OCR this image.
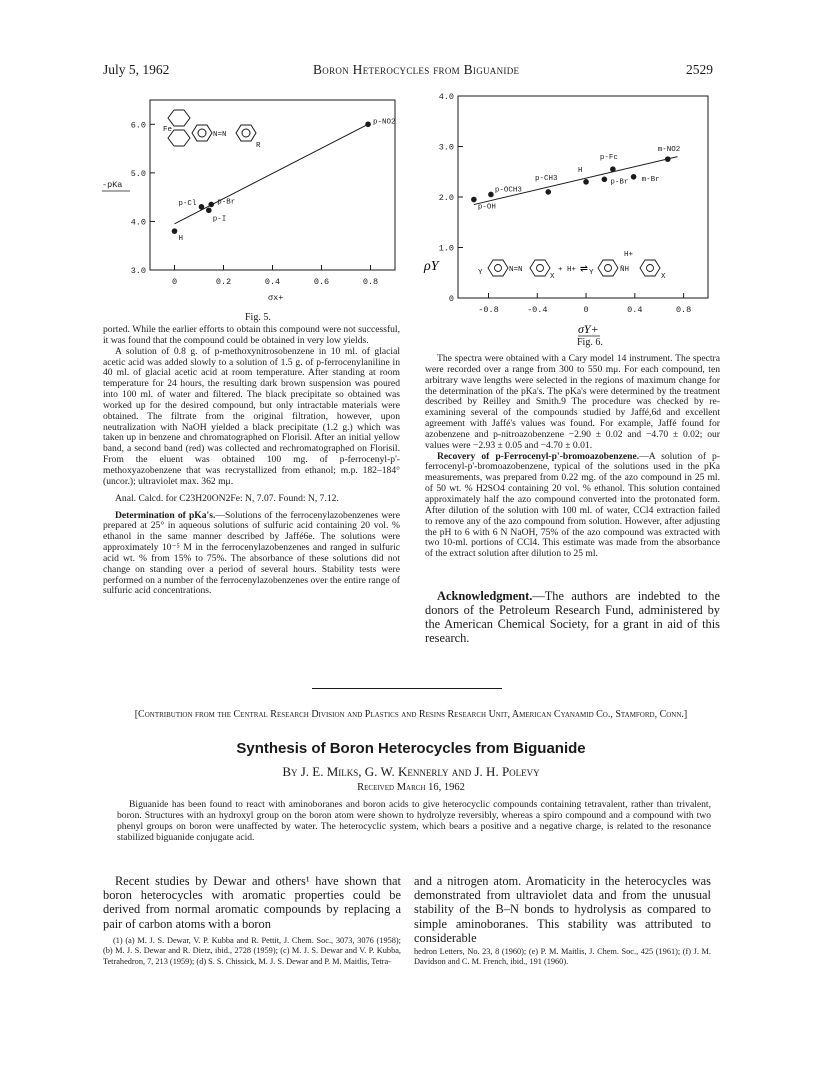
July 5, 1962	Boron Heterocycles from Biguanide	2529
0	0.2	0.4	0.6	0.8
3.0
4.0
5.0
6.0
H
p-Cl
p-I
p-Br
p-NO2
-pKa
σx+
Fe
N=N
R
Fig. 5.
-0.8	-0.4	0	0.4	0.8
0
1.0
2.0
3.0
4.0
p-OH
p-OCH3
p-CH3
H
p-Br m-Br
p-Fc
m-NO2
ρY
σY+
Y	N=N
X
+ H+ ⇌ Y	N̄H
H+
X
Fig. 6.

ported. While the earlier efforts to obtain this compound were not successful, it was found that the compound could be obtained in very low yields.

A solution of 0.8 g. of p-methoxynitrosobenzene in 10 ml. of glacial acetic acid was added slowly to a solution of 1.5 g. of p-ferrocenylaniline in 40 ml. of glacial acetic acid at room temperature. After standing at room temperature for 24 hours, the resulting dark brown suspension was poured into 100 ml. of water and filtered. The black precipitate so obtained was worked up for the desired compound, but only intractable materials were obtained. The filtrate from the original filtration, however, upon neutralization with NaOH yielded a black precipitate (1.2 g.) which was taken up in benzene and chromatographed on Florisil. After an initial yellow band, a second band (red) was collected and rechromatographed on Florisil. From the eluent was obtained 100 mg. of p-ferrocenyl-p'-methoxyazobenzene that was recrystallized from ethanol; m.p. 182–184° (uncor.); ultraviolet max. 362 mμ.

Anal. Calcd. for C23H20ON2Fe: N, 7.07. Found: N, 7.12.

Determination of pKa's.—Solutions of the ferrocenylazobenzenes were prepared at 25° in aqueous solutions of sulfuric acid containing 20 vol. % ethanol in the same manner described by Jaffé6e. The solutions were approximately 10⁻⁵ M in the ferrocenylazobenzenes and ranged in sulfuric acid wt. % from 15% to 75%. The absorbance of these solutions did not change on standing over a period of several hours. Stability tests were performed on a number of the ferrocenylazobenzenes over the entire range of sulfuric acid concentrations.

The spectra were obtained with a Cary model 14 instrument. The spectra were recorded over a range from 300 to 550 mμ. For each compound, ten arbitrary wave lengths were selected in the regions of maximum change for the determination of the pKa's. The pKa's were determined by the treatment described by Reilley and Smith.9 The procedure was checked by re-examining several of the compounds studied by Jaffé,6d and excellent agreement with Jaffé's values was found. For example, Jaffé found for azobenzene and p-nitroazobenzene −2.90 ± 0.02 and −4.70 ± 0.02; our values were −2.93 ± 0.05 and −4.70 ± 0.01.

Recovery of p-Ferrocenyl-p'-bromoazobenzene.—A solution of p-ferrocenyl-p'-bromoazobenzene, typical of the solutions used in the pKa measurements, was prepared from 0.22 mg. of the azo compound in 25 ml. of 50 wt. % H2SO4 containing 20 vol. % ethanol. This solution contained approximately half the azo compound converted into the protonated form. After dilution of the solution with 100 ml. of water, CCl4 extraction failed to remove any of the azo compound from solution. However, after adjusting the pH to 6 with 6 N NaOH, 75% of the azo compound was extracted with two 10-ml. portions of CCl4. This estimate was made from the absorbance of the extract solution after dilution to 25 ml.

Acknowledgment.—The authors are indebted to the donors of the Petroleum Research Fund, administered by the American Chemical Society, for a grant in aid of this research.
[Contribution from the Central Research Division and Plastics and Resins Research Unit, American Cyanamid Co., Stamford, Conn.]
Synthesis of Boron Heterocycles from Biguanide
By J. E. Milks, G. W. Kennerly and J. H. Polevy
Received March 16, 1962
Biguanide has been found to react with aminoboranes and boron acids to give heterocyclic compounds containing tetravalent, rather than trivalent, boron. Structures with an hydroxyl group on the boron atom were shown to hydrolyze reversibly, whereas a spiro compound and a compound with two phenyl groups on boron were unaffected by water. The heterocyclic system, which bears a positive and a negative charge, is related to the resonance stabilized biguanide conjugate acid.
Recent studies by Dewar and others¹ have shown that boron heterocycles with aromatic properties could be derived from normal aromatic compounds by replacing a pair of carbon atoms with a boron
and a nitrogen atom. Aromaticity in the heterocycles was demonstrated from ultraviolet data and from the unusual stability of the B–N bonds to hydrolysis as compared to simple aminoboranes. This stability was attributed to considerable
(1) (a) M. J. S. Dewar, V. P. Kubba and R. Pettit, J. Chem. Soc., 3073, 3076 (1958); (b) M. J. S. Dewar and R. Dietz, ibid., 2728 (1959); (c) M. J. S. Dewar and V. P. Kubba, Tetrahedron, 7, 213 (1959); (d) S. S. Chissick, M. J. S. Dewar and P. M. Maitlis, Tetra-
hedron Letters, No. 23, 8 (1960); (e) P. M. Maitlis, J. Chem. Soc., 425 (1961); (f) J. M. Davidson and C. M. French, ibid., 191 (1960).
